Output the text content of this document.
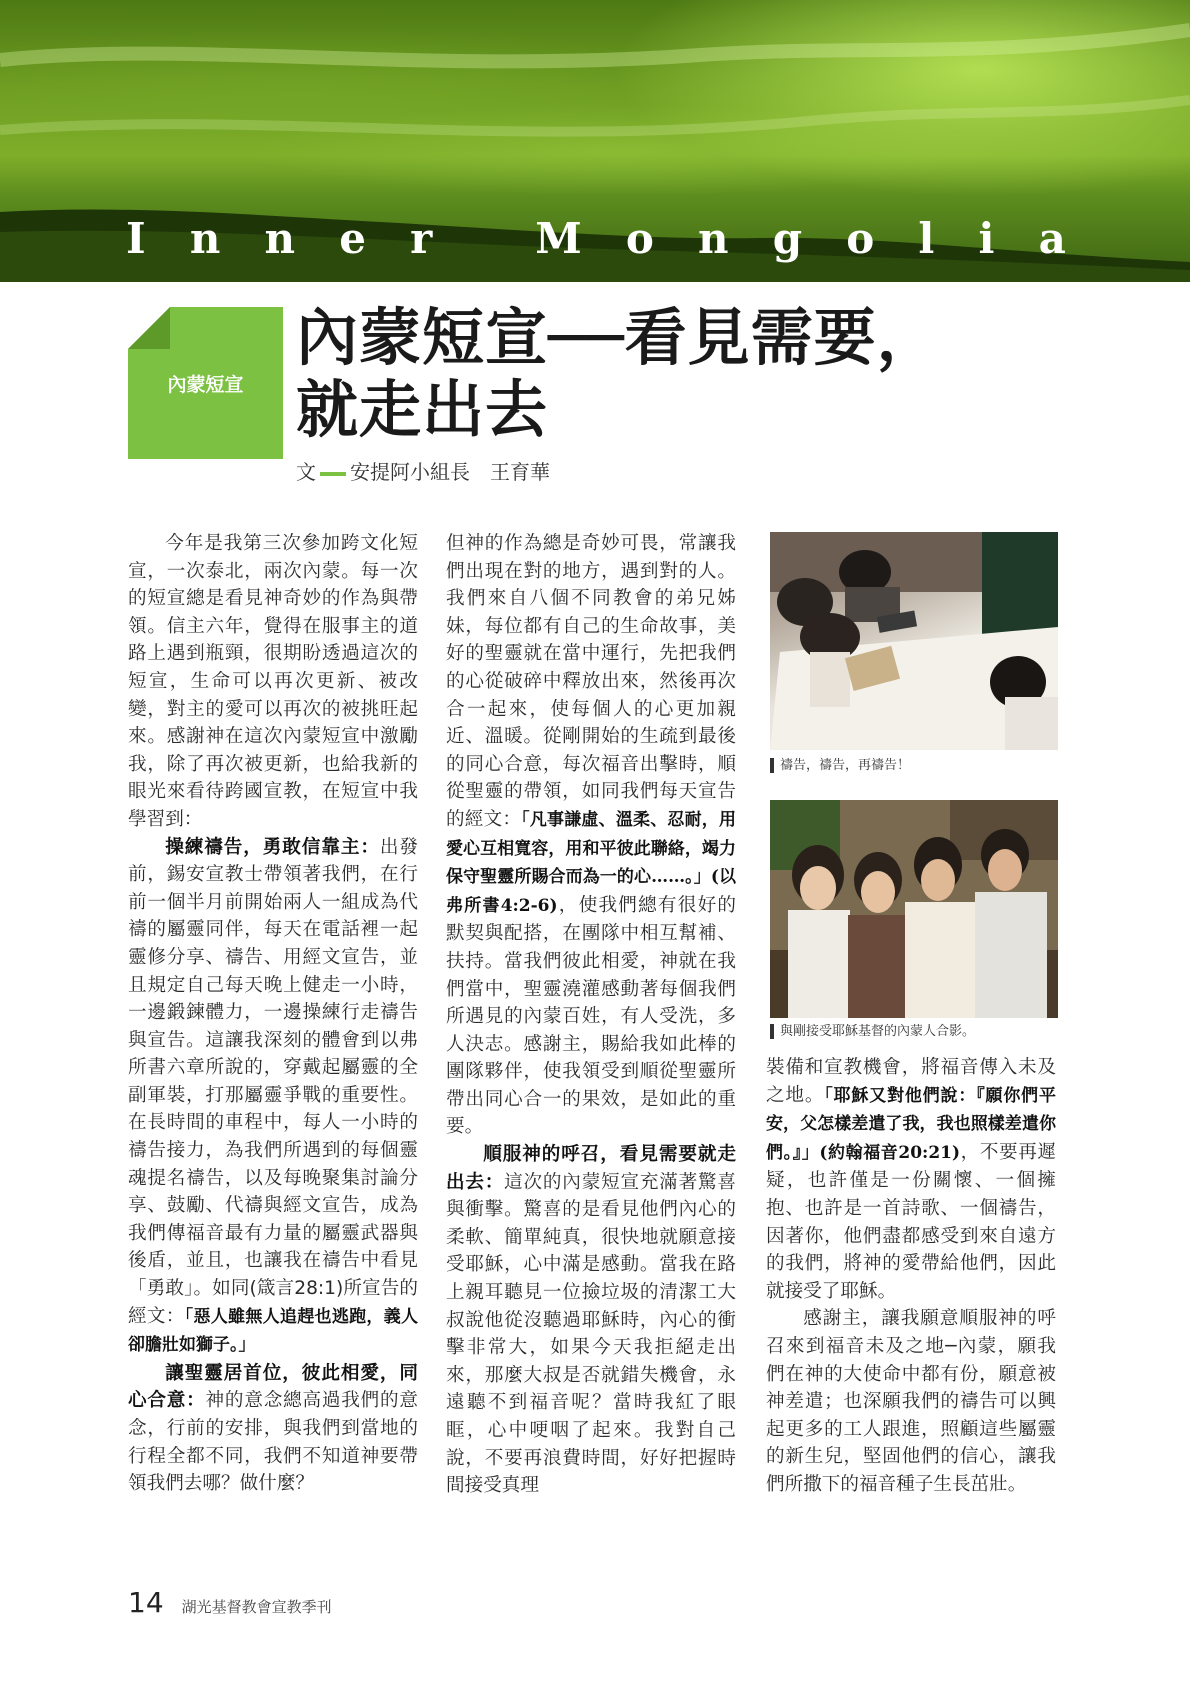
I n n e r
M o n g o l i a
內蒙短宣
內蒙短宣──看見需要，
就走出去
文 安提阿小組長　王育華

今年是我第三次參加跨文化短宣，一次泰北，兩次內蒙。每一次的短宣總是看見神奇妙的作為與帶領。信主六年，覺得在服事主的道路上遇到瓶頸，很期盼透過這次的短宣，生命可以再次更新、被改變，對主的愛可以再次的被挑旺起來。感謝神在這次內蒙短宣中激勵我，除了再次被更新，也給我新的眼光來看待跨國宣教，在短宣中我學習到：

操練禱告，勇敢信靠主：出發前，錫安宣教士帶領著我們，在行前一個半月前開始兩人一組成為代禱的屬靈同伴，每天在電話裡一起靈修分享、禱告、用經文宣告，並且規定自己每天晚上健走一小時，一邊鍛鍊體力，一邊操練行走禱告與宣告。這讓我深刻的體會到以弗所書六章所說的，穿戴起屬靈的全副軍裝，打那屬靈爭戰的重要性。在長時間的車程中，每人一小時的禱告接力，為我們所遇到的每個靈魂提名禱告，以及每晚聚集討論分享、鼓勵、代禱與經文宣告，成為我們傳福音最有力量的屬靈武器與後盾，並且，也讓我在禱告中看見「勇敢」。如同(箴言28:1)所宣告的經文：「惡人雖無人追趕也逃跑，義人卻膽壯如獅子。」

讓聖靈居首位，彼此相愛，同心合意：神的意念總高過我們的意念，行前的安排，與我們到當地的行程全都不同，我們不知道神要帶領我們去哪？做什麼？

但神的作為總是奇妙可畏，常讓我們出現在對的地方，遇到對的人。我們來自八個不同教會的弟兄姊妹，每位都有自己的生命故事，美好的聖靈就在當中運行，先把我們的心從破碎中釋放出來，然後再次合一起來，使每個人的心更加親近、溫暖。從剛開始的生疏到最後的同心合意，每次福音出擊時，順從聖靈的帶領，如同我們每天宣告的經文：「凡事謙虛、溫柔、忍耐，用愛心互相寬容，用和平彼此聯絡，竭力保守聖靈所賜合而為一的心……。」(以弗所書4:2-6)，使我們總有很好的默契與配搭，在團隊中相互幫補、扶持。當我們彼此相愛，神就在我們當中，聖靈澆灌感動著每個我們所遇見的內蒙百姓，有人受洗，多人決志。感謝主，賜給我如此棒的團隊夥伴，使我領受到順從聖靈所帶出同心合一的果效，是如此的重要。

順服神的呼召，看見需要就走出去：這次的內蒙短宣充滿著驚喜與衝擊。驚喜的是看見他們內心的柔軟、簡單純真，很快地就願意接受耶穌，心中滿是感動。當我在路上親耳聽見一位撿垃圾的清潔工大叔說他從沒聽過耶穌時，內心的衝擊非常大，如果今天我拒絕走出來，那麼大叔是否就錯失機會，永遠聽不到福音呢？當時我紅了眼眶，心中哽咽了起來。我對自己說，不要再浪費時間，好好把握時間接受真理

禱告，禱告，再禱告！
與剛接受耶穌基督的內蒙人合影。

裝備和宣教機會，將福音傳入未及之地。「耶穌又對他們說：『願你們平安，父怎樣差遣了我，我也照樣差遣你們。』」(約翰福音20:21)，不要再遲疑，也許僅是一份關懷、一個擁抱、也許是一首詩歌、一個禱告，因著你，他們盡都感受到來自遠方的我們，將神的愛帶給他們，因此就接受了耶穌。

感謝主，讓我願意順服神的呼召來到福音未及之地─內蒙，願我們在神的大使命中都有份，願意被神差遣；也深願我們的禱告可以興起更多的工人跟進，照顧這些屬靈的新生兒，堅固他們的信心，讓我們所撒下的福音種子生長茁壯。

14 湖光基督教會宣教季刊
